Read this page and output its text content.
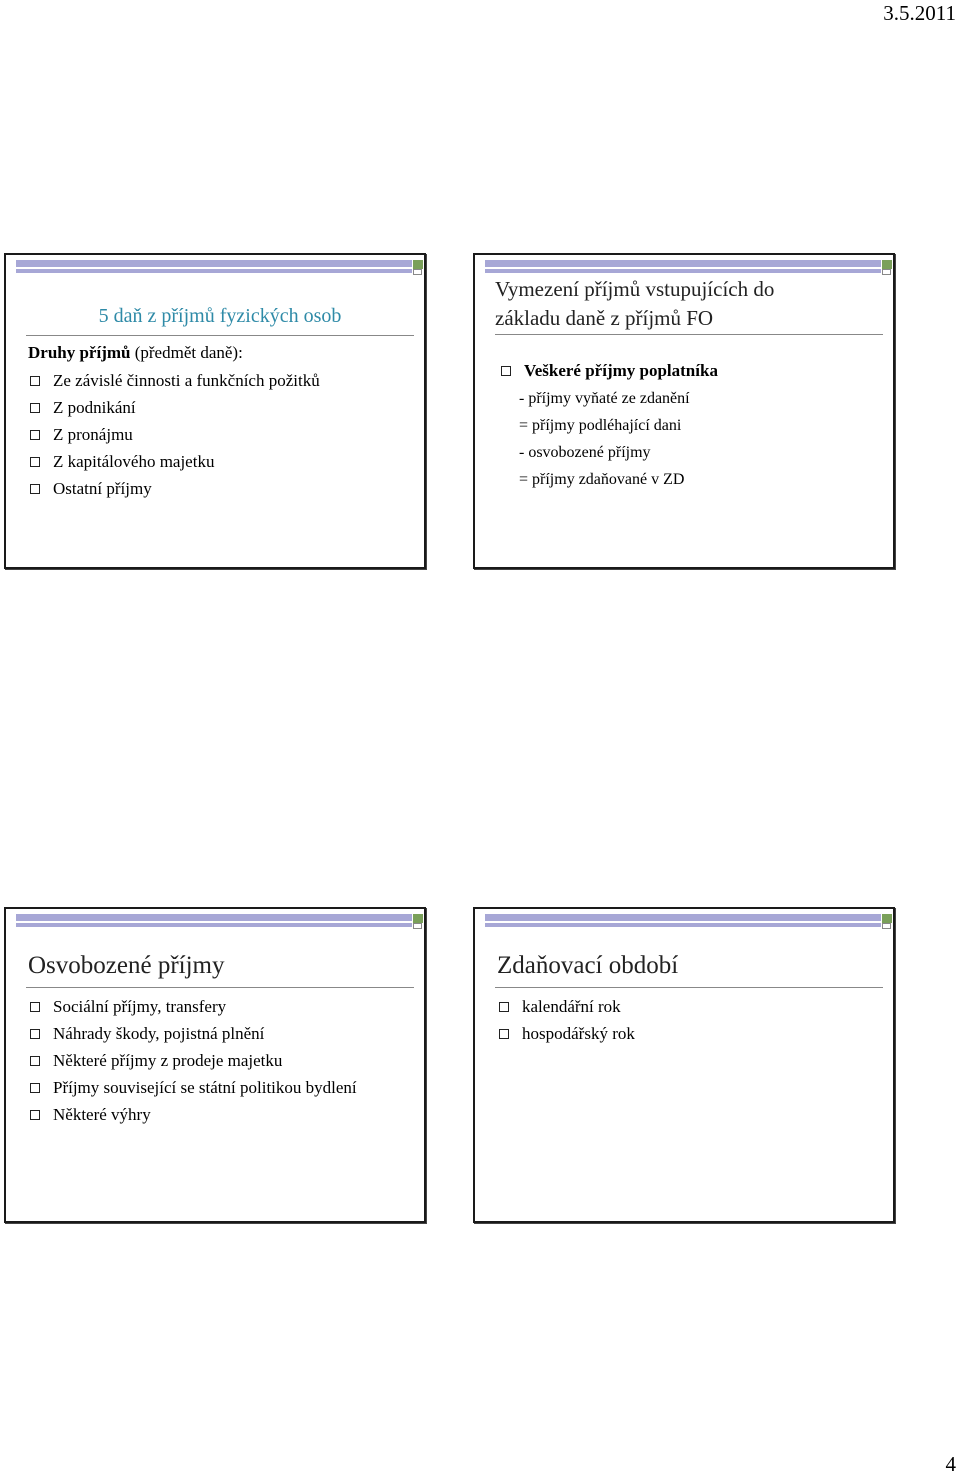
3.5.2011
5 daň z příjmů fyzických osob
Druhy příjmů (předmět daně):
Ze závislé činnosti a funkčních požitků
Z podnikání
Z pronájmu
Z kapitálového majetku
Ostatní příjmy
Vymezení příjmů vstupujících do
základu daně z příjmů FO
Veškeré příjmy poplatníka
- příjmy vyňaté ze zdanění
= příjmy podléhající dani
- osvobozené příjmy
= příjmy zdaňované v ZD
Osvobozené příjmy
Sociální příjmy, transfery
Náhrady škody, pojistná plnění
Některé příjmy z prodeje majetku
Příjmy související se státní politikou bydlení
Některé výhry
Zdaňovací období
kalendářní rok
hospodářský rok
4
